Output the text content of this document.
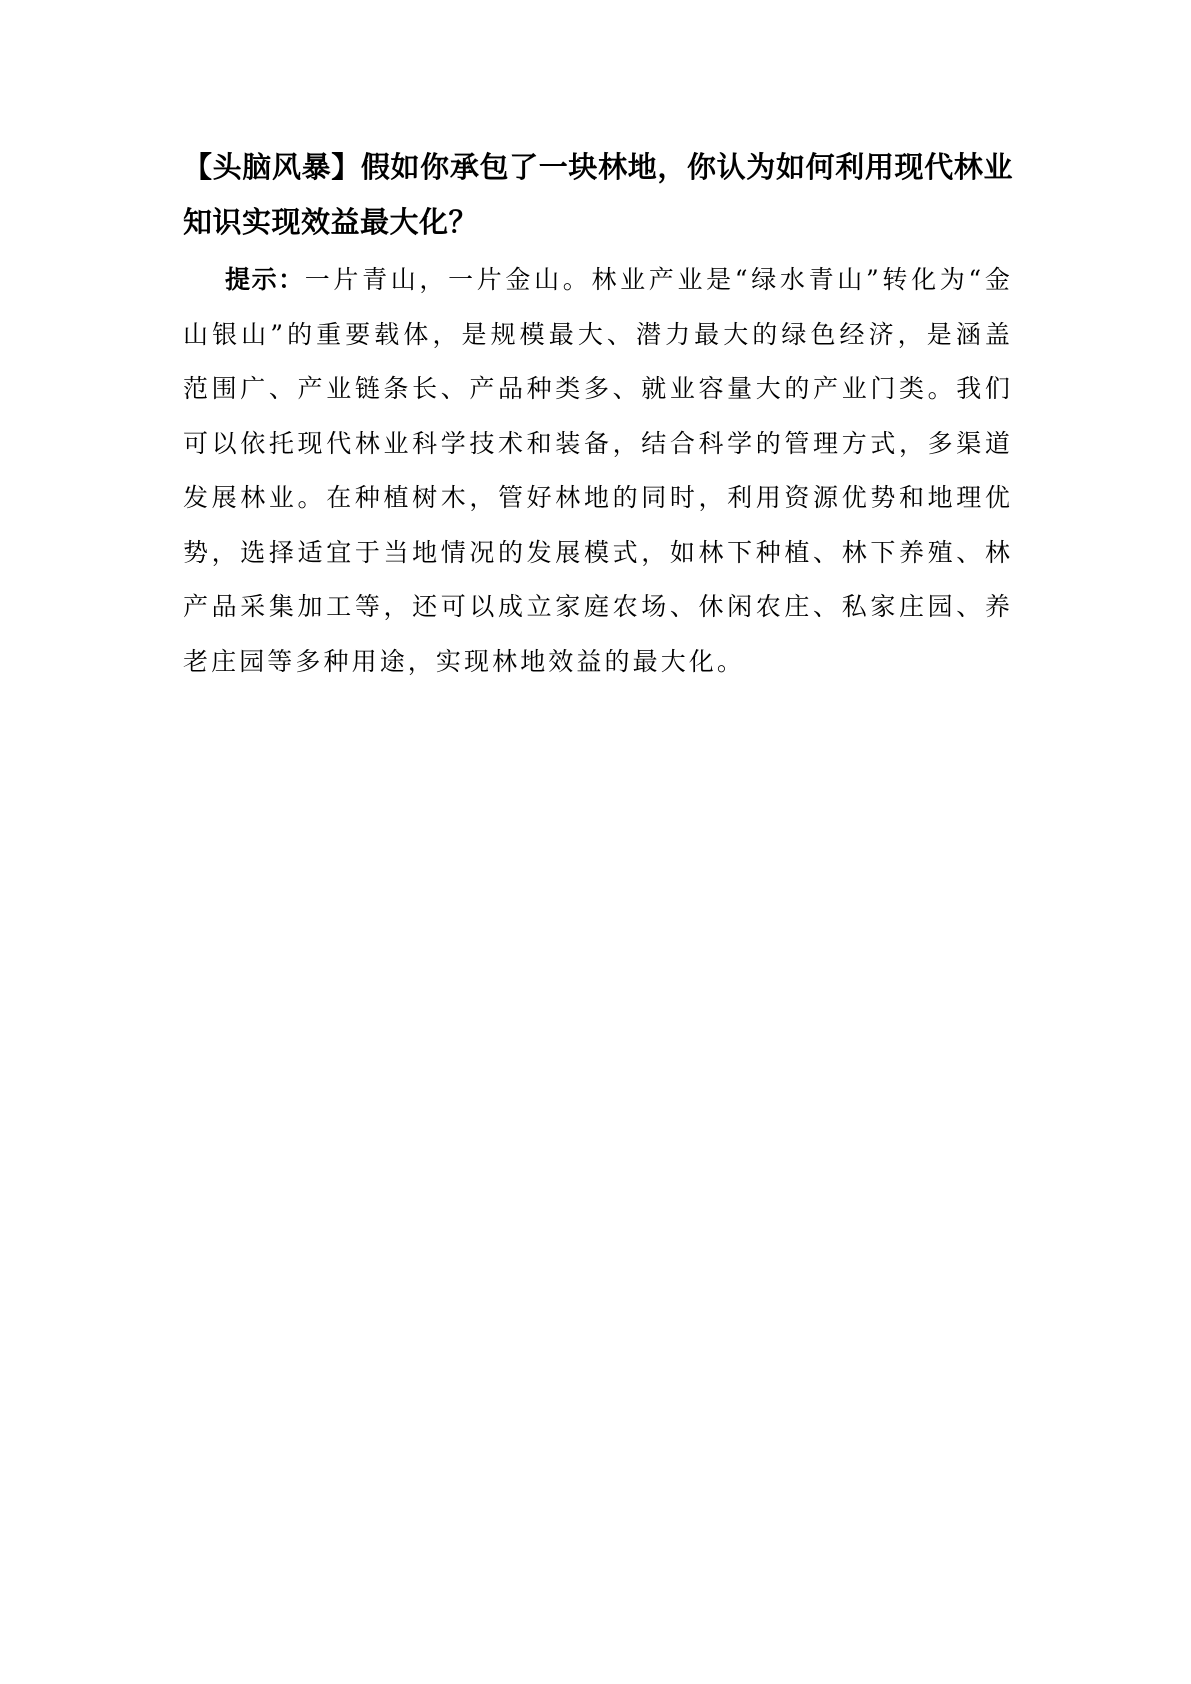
【头脑风暴】假如你承包了一块林地，你认为如何利用现代林业知识实现效益最大化？

提示：一片青山，一片金山。林业产业是“绿水青山”转化为“金山银山”的重要载体，是规模最大、潜力最大的绿色经济，是涵盖范围广、产业链条长、产品种类多、就业容量大的产业门类。我们可以依托现代林业科学技术和装备，结合科学的管理方式，多渠道发展林业。在种植树木，管好林地的同时，利用资源优势和地理优势，选择适宜于当地情况的发展模式，如林下种植、林下养殖、林产品采集加工等，还可以成立家庭农场、休闲农庄、私家庄园、养老庄园等多种用途，实现林地效益的最大化。
